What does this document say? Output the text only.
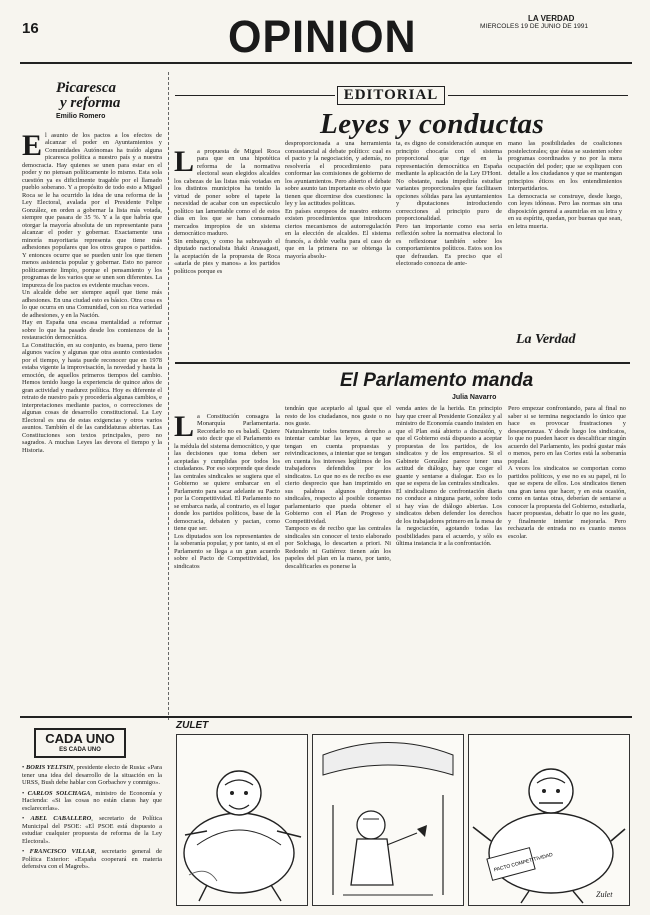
16	OPINION	LA VERDAD
MIERCOLES 19 DE JUNIO DE 1991
Picaresca
y reforma
Emilio Romero

El asunto de los pactos a los efectos de alcanzar el poder en Ayuntamientos y Comunidades Autónomas ha traído alguna picaresca política a nuestro país y a nuestra democracia. Hay quienes se unen para estar en el poder y no piensan políticamente lo mismo. Esta sola cuestión ya es dificilmente tragable por el llamado pueblo soberano. Y a propósito de todo esto a Miguel Roca se le ha ocurrido la idea de una reforma de la Ley Electoral, avalada por el Presidente Felipe González, en orden a gobernar la lista más votada, siempre que pasara de 35 %. Y a la que habría que otorgar la mayoría absoluta de un representante para alcanzar el poder y gobernar. Exactamente una minoría mayoritaria representa que tiene más adhesiones populares que los otros grupos o partidos. Y entonces ocurre que se pueden unir los que tienen menos asistencia popular y gobernar. Esto no parece políticamente limpio, porque el pensamiento y los programas de los varios que se unen son diferentes. La impureza de los pactos es evidente muchas veces.
Un alcalde debe ser siempre aquél que tiene más adhesiones. En una ciudad esto es básico. Otra cosa es lo que ocurra en una Comunidad, con su rica variedad de adhesiones, y en la Nación.
Hay en España una escasa mentalidad a reformar sobre lo que ha pasado desde los comienzos de la restauración democrática.
La Constitución, en su conjunto, es buena, pero tiene algunos vacíos y algunas que otra asunto contestados por el tiempo, y hasta puede reconocer que en 1978 estaba vigente la improvisación, la novedad y hasta la emoción, de aquellos primeros tiempos del cambio. Hemos tenido luego la experiencia de quince años de gran actividad y madurez política. Hoy es diferente el retrato de nuestro país y procedería algunas cambios, e interpretaciones mediante pactos, o correcciones de algunas cosas de desarrollo constitucional. La Ley Electoral es una de estas exigencias y otros varios asuntos. También el de las candidaturas abiertas. Las Constituciones son textos principales, pero no sagrados. A muchas Leyes las devora el tiempo y la Historia.

EDITORIAL
Leyes y conductas

La propuesta de Miguel Roca para que en una hipotética reforma de la normativa electoral sean elegidos alcaldes los cabezas de las listas más votadas en los distintos municipios ha tenido la virtud de poner sobre el tapete la necesidad de acabar con un espectáculo político tan lamentable como el de estos días en los que se han consumado mercados impropios de un sistema democrático maduro.
Sin embargo, y como ha subrayado el diputado nacionalista Iñaki Anasagasti, la aceptación de la propuesta de Roca «atarla de pies y manos» a los partidos políticos porque es

desproporcionada a una herramienta consustancial al debate político: cual es el pacto y la negociación, y además, no resolvería el procedimiento para conformar las comisiones de gobierno de los ayuntamientos. Pero abierto el debate sobre asunto tan importante es obvio que tienen que dicernirse dos cuestiones: la ley y las actitudes políticas.
En países europeos de nuestro entorno existen procedimientos que introducen ciertos mecanismos de autorregulación en la elección de alcaldes. El sistema francés, a doble vuelta para el caso de que en la primera no se obtenga la mayoría absolu-
ta, es digno de consideración aunque en principio chocaría con el sistema proporcional que rige en la representación democrática en España mediante la aplicación de la Ley D'Hont. No obstante, nada impediría estudiar variantes proporcionales que facilitasen opciones sólidas para las ayuntamientos y diputaciones introduciendo correcciones al principio puro de proporcionalidad.
Pero tan importante como esa seria reflexión sobre la normativa electoral lo es reflexionar también sobre los comportamientos políticos. Estos son los que defraudan. Es preciso que el electorado conozca de ante-
mano las posibilidades de coaliciones postelectorales; que éstas se sustenten sobre programas coordinados y no por la mera ocupación del poder; que se expliquen con detalle a los ciudadanos y que se mantengan principios éticos en los entendimientos interpartidarios.
La democracia se construye, desde luego, con leyes idóneas. Pero las normas sin una disposición general a asumirlas en su letra y en su espíritu, quedan, por buenas que sean, en letra muerta.
La Verdad
El Parlamento manda
Julia Navarro

La Constitución consagra la Monarquía Parlamentaria. Recordarlo no es baladí. Quiere esto decir que el Parlamento es la médula del sistema democrático, y que las decisiones que toma deben ser aceptadas y cumplidas por todos los ciudadanos. Por eso sorprende que desde las centrales sindicales se sugiera que el Gobierno se quiere embarcar en el Parlamento para sacar adelante su Pacto por la Competitividad. El Parlamento no se embarca nada, al contrario, es el lugar donde los partidos políticos, base de la democracia, debaten y pactan, como tiene que ser.
Los diputados son los representantes de la soberanía popular, y por tanto, si en el Parlamento se llega a un gran acuerdo sobre el Pacto de Competitividad, los sindicatos

tendrán que aceptarlo al igual que el resto de los ciudadanos, nos guste o no nos guste.
Naturalmente todos tenemos derecho a intentar cambiar las leyes, a que se tengan en cuenta propuestas y reivindicaciones, a intentar que se tengan en cuenta los intereses legítimos de los trabajadores defendidos por los sindicatos. Lo que no es de recibo es ese cierto desprecio que han imprimido en sus palabras algunos dirigentes sindicales, respecto al posible consenso parlamentario que pueda obtener el Gobierno con el Plan de Progreso y Competitividad.
Tampoco es de recibo que las centrales sindicales sin conocer el texto elaborado por Solchaga, lo descarten a priori. Ni Redondo ni Gutiérrez tienen aún los papeles del plan en la mano, por tanto, descalificarles es ponerse la
venda antes de la herida. En principio hay que creer al Presidente González y al ministro de Economía cuando insisten en que el Plan está abierto a discusión, y que el Gobierno está dispuesto a aceptar propuestas de los partidos, de los sindicatos y de los empresarios. Si el Gabinete González parece tener una actitud de diálogo, hay que coger el guante y sentarse a dialogar. Eso es lo que se espera de las centrales sindicales.
El sindicalismo de confrontación diaria no conduce a ninguna parte, sobre todo si hay vías de diálogo abiertas. Los sindicatos deben defender los derechos de los trabajadores primero en la mesa de la negociación, agotando todas las posibilidades para el acuerdo, y sólo es última instancia ir a la confrontación.
Pero empezar confrontando, para al final no saber si se termina negociando lo único que hace es provocar frustraciones y desesperanzas. Y desde luego los sindicatos, lo que no pueden hacer es descalificar ningún acuerdo del Parlamento, les podrá gustar más o menos, pero en las Cortes está la soberanía popular.
A veces los sindicatos se comportan como partidos políticos, y ese no es su papel, ni lo que se espera de ellos. Los sindicatos tienen una gran tarea que hacer, y en esta ocasión, como en tantas otras, deberían de sentarse a conocer la propuesta del Gobierno, estudiarla, hacer propuestas, debatir lo que no les guste, y finalmente intentar mejorarla. Pero rechazarla de entrada no es cuanto menos escolar.
ZULET
CADA UNO
ES CADA UNO

• BORIS YELTSIN, presidente electo de Rusia: «Para tener una idea del desarrollo de la situación en la URSS, Bush debe hablar con Gorbachov y conmigo».

• CARLOS SOLCHAGA, ministro de Economía y Hacienda: «Si las cosas no están claras hay que esclarecerlas».

• ABEL CABALLERO, secretario de Política Municipal del PSOE: «El PSOE está dispuesto a estudiar cualquier propuesta de reforma de la Ley Electoral».

• FRANCISCO VILLAR, secretario general de Política Exterior: «España cooperará en materia defensiva con el Magreb».	PACTO COMPETITIVIDAD
Zulet
